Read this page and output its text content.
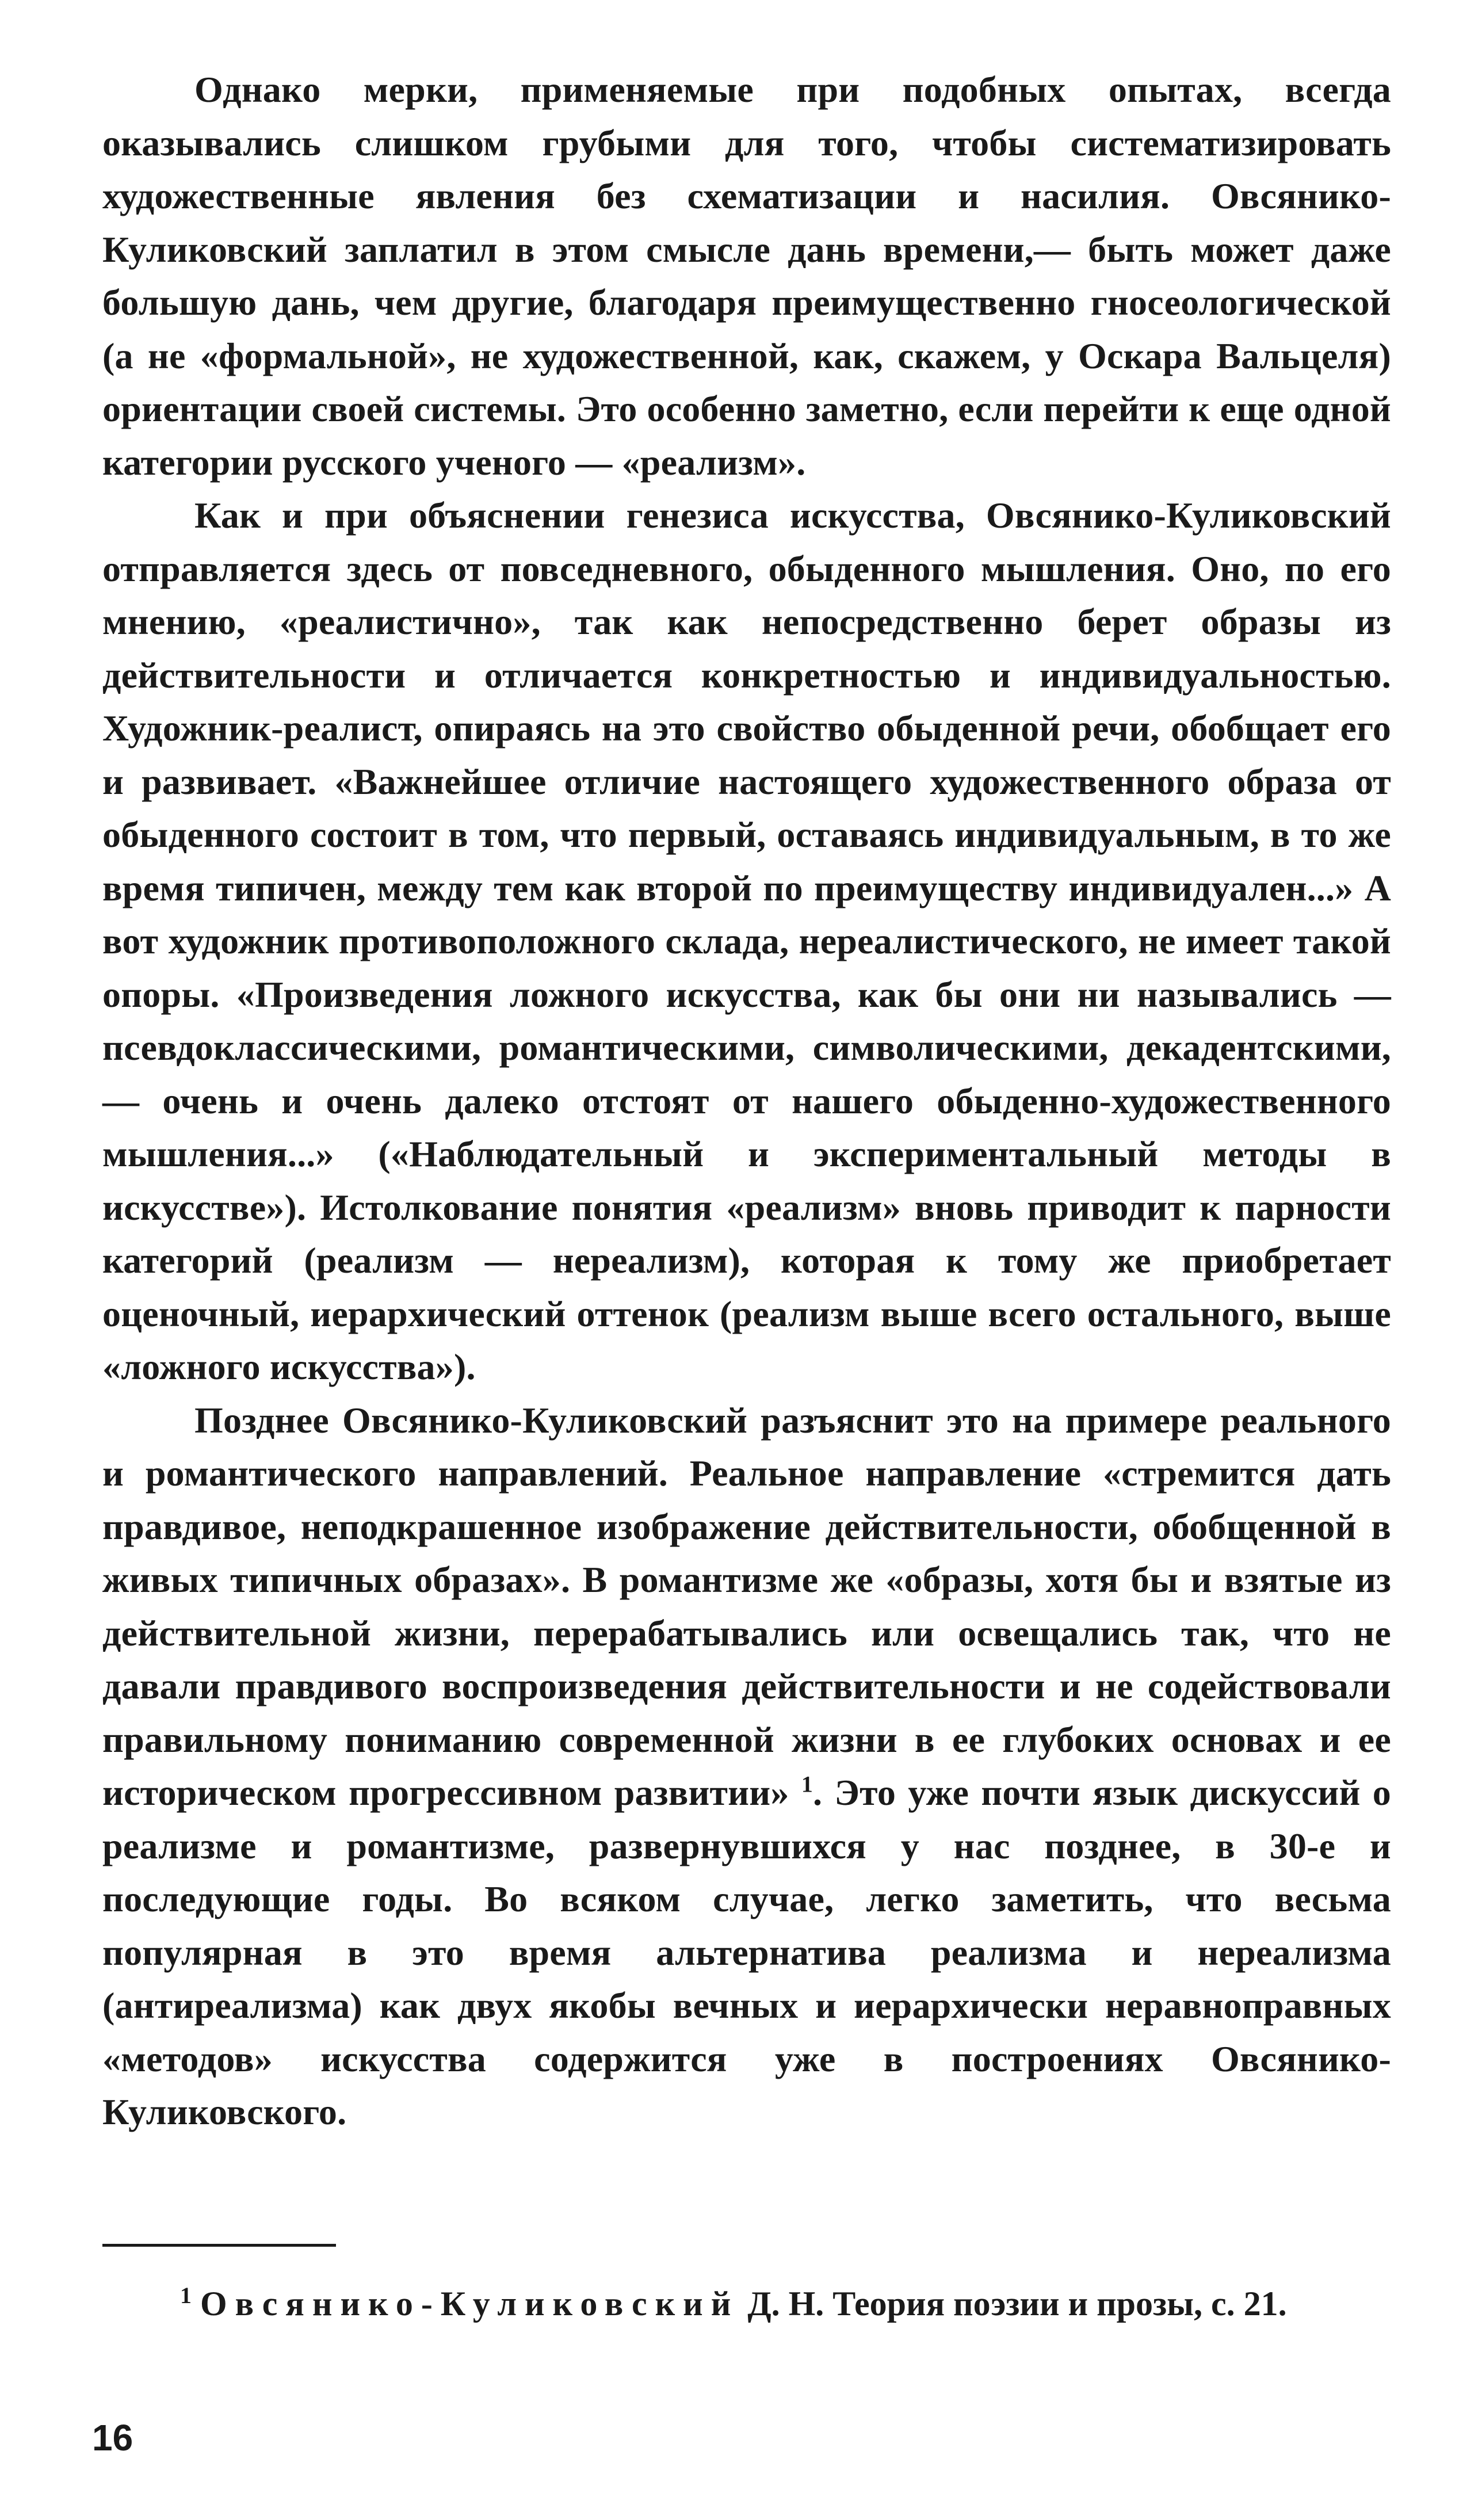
Однако мерки, применяемые при подобных опытах, всегда оказывались слишком грубыми для того, чтобы систематизировать художественные явления без схематизации и насилия. Овсянико-Куликовский заплатил в этом смысле дань времени,— быть может даже большую дань, чем другие, благодаря преимущественно гносеологической (а не «формальной», не художественной, как, скажем, у Оскара Вальцеля) ориентации своей системы. Это особенно заметно, если перейти к еще одной категории русского ученого — «реализм».

Как и при объяснении генезиса искусства, Овсянико-Куликовский отправляется здесь от повседневного, обыденного мышления. Оно, по его мнению, «реалистично», так как непосредственно берет образы из действительности и отличается конкретностью и индивидуальностью. Художник-реалист, опираясь на это свойство обыденной речи, обобщает его и развивает. «Важнейшее отличие настоящего художественного образа от обыденного состоит в том, что первый, оставаясь индивидуальным, в то же время типичен, между тем как второй по преимуществу индивидуален...» А вот художник противоположного склада, нереалистического, не имеет такой опоры. «Произведения ложного искусства, как бы они ни назывались — псевдоклассическими, романтическими, символическими, декадентскими, — очень и очень далеко отстоят от нашего обыденно-художественного мышления...» («Наблюдательный и экспериментальный методы в искусстве»). Истолкование понятия «реализм» вновь приводит к парности категорий (реализм — нереализм), которая к тому же приобретает оценочный, иерархический оттенок (реализм выше всего остального, выше «ложного искусства»).

Позднее Овсянико-Куликовский разъяснит это на примере реального и романтического направлений. Реальное направление «стремится дать правдивое, неподкрашенное изображение действительности, обобщенной в живых типичных образах». В романтизме же «образы, хотя бы и взятые из действительной жизни, перерабатывались или освещались так, что не давали правдивого воспроизведения действительности и не содействовали правильному пониманию современной жизни в ее глубоких основах и ее историческом прогрессивном развитии» $^1$. Это уже почти язык дискуссий о реализме и романтизме, развернувшихся у нас позднее, в 30-е и последующие годы. Во всяком случае, легко заметить, что весьма популярная в это время альтернатива реализма и нереализма (антиреализма) как двух якобы вечных и иерархически неравноправных «методов» искусства содержится уже в построениях Овсянико-Куликовского.

$^1$ Овсянико-Куликовский Д. Н. Теория поэзии и прозы, с. 21.
16
